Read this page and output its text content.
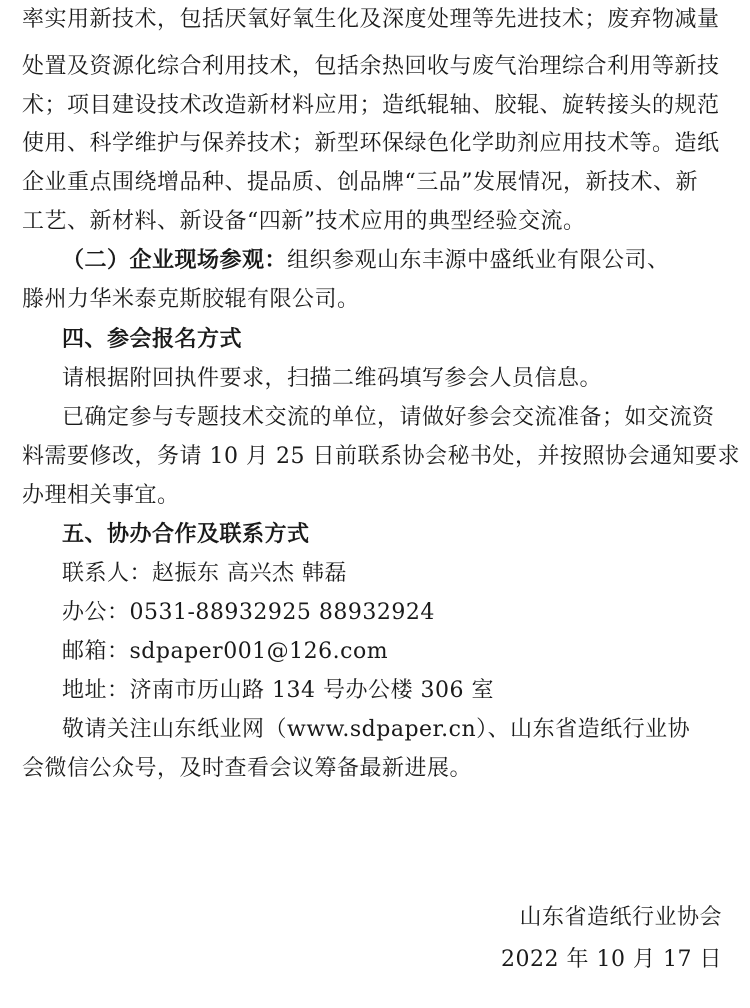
率实用新技术，包括厌氧好氧生化及深度处理等先进技术；废弃物减量
处置及资源化综合利用技术，包括余热回收与废气治理综合利用等新技
术；项目建设技术改造新材料应用；造纸辊轴、胶辊、旋转接头的规范
使用、科学维护与保养技术；新型环保绿色化学助剂应用技术等。造纸
企业重点围绕增品种、提品质、创品牌“三品”发展情况，新技术、新
工艺、新材料、新设备“四新”技术应用的典型经验交流。
（二）企业现场参观：组织参观山东丰源中盛纸业有限公司、
滕州力华米泰克斯胶辊有限公司。
四、参会报名方式
请根据附回执件要求，扫描二维码填写参会人员信息。
已确定参与专题技术交流的单位，请做好参会交流准备；如交流资
料需要修改，务请 10 月 25 日前联系协会秘书处，并按照协会通知要求
办理相关事宜。
五、协办合作及联系方式
联系人：赵振东 高兴杰 韩磊
办公：0531-88932925 88932924
邮箱：sdpaper001@126.com
地址：济南市历山路 134 号办公楼 306 室
敬请关注山东纸业网（www.sdpaper.cn）、山东省造纸行业协
会微信公众号，及时查看会议筹备最新进展。
山东省造纸行业协会
2022 年 10 月 17 日
